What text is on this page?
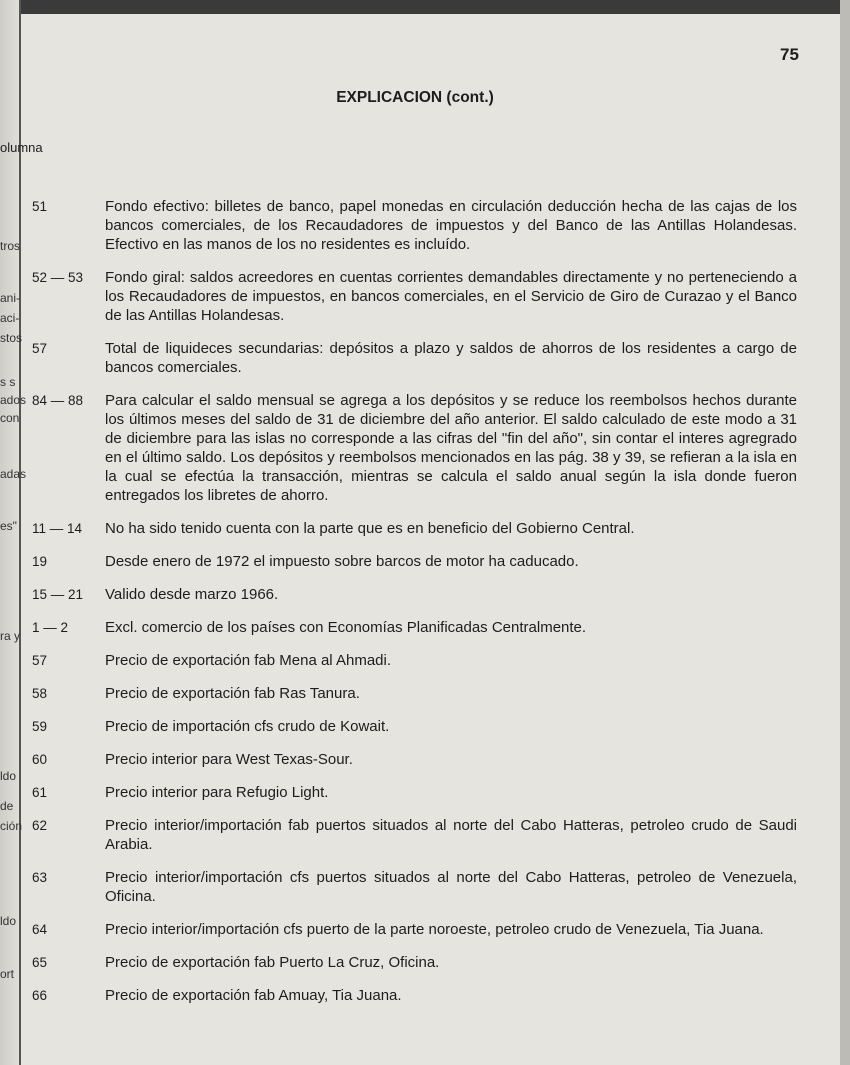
tros
ani-
aci-
stos
s s
ados
con
adas
es"
ra y
ldo
de
ción
ldo
ort
75
EXPLICACION (cont.)
olumna
51	Fondo efectivo: billetes de banco, papel monedas en circulación deducción hecha de las cajas de los bancos comerciales, de los Recaudadores de impuestos y del Banco de las Antillas Holandesas. Efectivo en las manos de los no residentes es incluído.
52 — 53 Fondo giral: saldos acreedores en cuentas corrientes demandables directamente y no perteneciendo a los Recaudadores de impuestos, en bancos comerciales, en el Servicio de Giro de Curazao y el Banco de las Antillas Holandesas.
57	Total de liquideces secundarias: depósitos a plazo y saldos de ahorros de los residentes a cargo de bancos comerciales.
84 — 88 Para calcular el saldo mensual se agrega a los depósitos y se reduce los reembolsos hechos durante los últimos meses del saldo de 31 de diciembre del año anterior. El saldo calculado de este modo a 31 de diciembre para las islas no corresponde a las cifras del "fin del año", sin contar el interes agregrado en el último saldo. Los depósitos y reembolsos mencionados en las pág. 38 y 39, se refieran a la isla en la cual se efectúa la transacción, mientras se calcula el saldo anual según la isla donde fueron entregados los libretes de ahorro.
11 — 14 No ha sido tenido cuenta con la parte que es en beneficio del Gobierno Central.
19	Desde enero de 1972 el impuesto sobre barcos de motor ha caducado.
15 — 21 Valido desde marzo 1966.
1 — 2 Excl. comercio de los países con Economías Planificadas Centralmente.
57	Precio de exportación fab Mena al Ahmadi.
58	Precio de exportación fab Ras Tanura.
59	Precio de importación cfs crudo de Kowait.
60	Precio interior para West Texas-Sour.
61	Precio interior para Refugio Light.
62	Precio interior/importación fab puertos situados al norte del Cabo Hatteras, petroleo crudo de Saudi Arabia.
63	Precio interior/importación cfs puertos situados al norte del Cabo Hatteras, petroleo de Venezuela, Oficina.
64	Precio interior/importación cfs puerto de la parte noroeste, petroleo crudo de Venezuela, Tia Juana.
65	Precio de exportación fab Puerto La Cruz, Oficina.
66	Precio de exportación fab Amuay, Tia Juana.
